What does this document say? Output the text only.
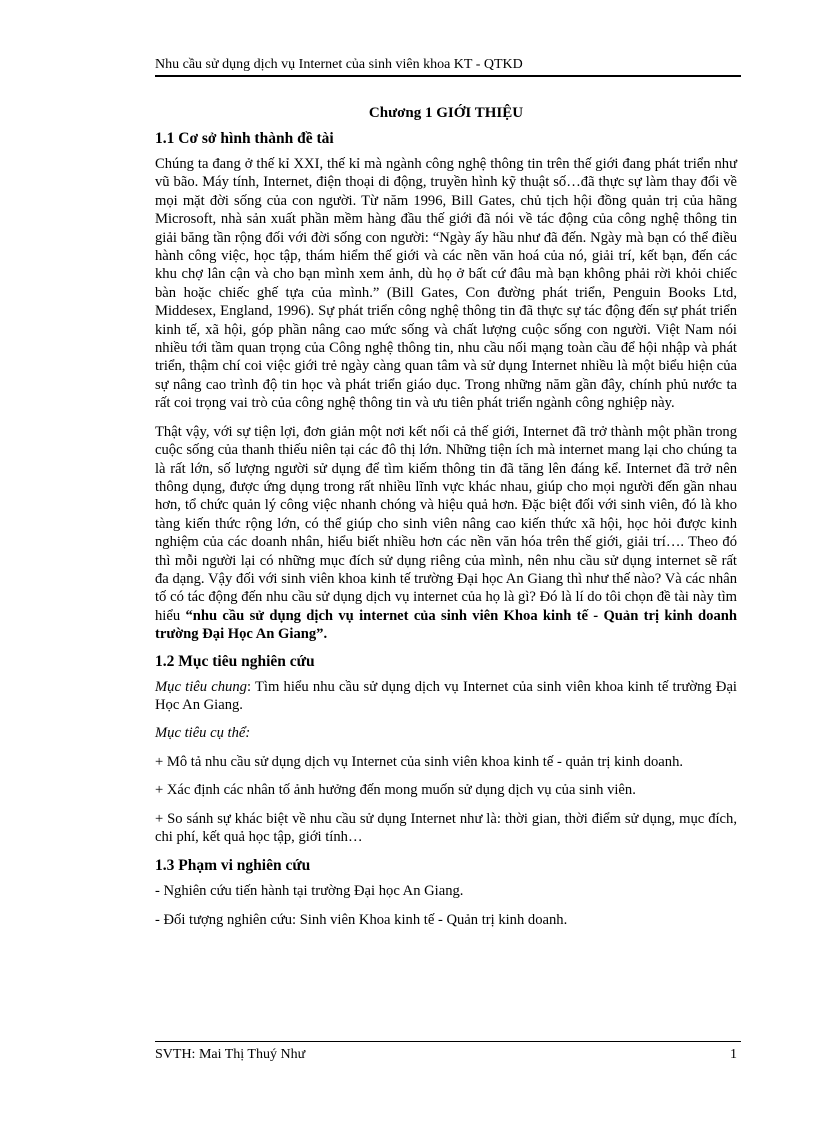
Nhu cầu sử dụng dịch vụ Internet của sinh viên khoa KT - QTKD
Chương 1 GIỚI THIỆU
1.1 Cơ sở hình thành đề tài

Chúng ta đang ở thế kỉ XXI, thế kỉ mà ngành công nghệ thông tin trên thế giới đang phát triển như vũ bão. Máy tính, Internet, điện thoại di động, truyền hình kỹ thuật số…đã thực sự làm thay đổi về mọi mặt đời sống của con người. Từ năm 1996, Bill Gates, chủ tịch hội đồng quản trị của hãng Microsoft, nhà sản xuất phần mềm hàng đầu thế giới đã nói về tác động của công nghệ thông tin giải băng tần rộng đối với đời sống con người: “Ngày ấy hầu như đã đến. Ngày mà bạn có thể điều hành công việc, học tập, thám hiểm thế giới và các nền văn hoá của nó, giải trí, kết bạn, đến các khu chợ lân cận và cho bạn mình xem ảnh, dù họ ở bất cứ đâu mà bạn không phải rời khỏi chiếc bàn hoặc chiếc ghế tựa của mình.” (Bill Gates, Con đường phát triển, Penguin Books Ltd, Middesex, England, 1996). Sự phát triển công nghệ thông tin đã thực sự tác động đến sự phát triển kinh tế, xã hội, góp phần nâng cao mức sống và chất lượng cuộc sống con người. Việt Nam nói nhiều tới tầm quan trọng của Công nghệ thông tin, nhu cầu nối mạng toàn cầu để hội nhập và phát triển, thậm chí coi việc giới trẻ ngày càng quan tâm và sử dụng Internet nhiều là một biểu hiện của sự nâng cao trình độ tin học và phát triển giáo dục. Trong những năm gần đây, chính phủ nước ta rất coi trọng vai trò của công nghệ thông tin và ưu tiên phát triển ngành công nghiệp này.

Thật vậy, với sự tiện lợi, đơn giản một nơi kết nối cả thế giới, Internet đã trở thành một phần trong cuộc sống của thanh thiếu niên tại các đô thị lớn. Những tiện ích mà internet mang lại cho chúng ta là rất lớn, số lượng người sử dụng để tìm kiếm thông tin đã tăng lên đáng kể. Internet đã trở nên thông dụng, được ứng dụng trong rất nhiều lĩnh vực khác nhau, giúp cho mọi người đến gần nhau hơn, tổ chức quản lý công việc nhanh chóng và hiệu quả hơn. Đặc biệt đối với sinh viên, đó là kho tàng kiến thức rộng lớn, có thể giúp cho sinh viên nâng cao kiến thức xã hội, học hỏi được kinh nghiệm của các doanh nhân, hiểu biết nhiều hơn các nền văn hóa trên thế giới, giải trí…. Theo đó thì mỗi người lại có những mục đích sử dụng riêng của mình, nên nhu cầu sử dụng internet sẽ rất đa dạng. Vậy đối với sinh viên khoa kinh tế trường Đại học An Giang thì như thế nào? Và các nhân tố có tác động đến nhu cầu sử dụng dịch vụ internet của họ là gì? Đó là lí do tôi chọn đề tài này tìm hiểu “nhu cầu sử dụng dịch vụ internet của sinh viên Khoa kinh tế - Quản trị kinh doanh trường Đại Học An Giang”.

1.2 Mục tiêu nghiên cứu

Mục tiêu chung: Tìm hiểu nhu cầu sử dụng dịch vụ Internet của sinh viên khoa kinh tế trường Đại Học An Giang.

Mục tiêu cụ thể:

+ Mô tả nhu cầu sử dụng dịch vụ Internet của sinh viên khoa kinh tế - quản trị kinh doanh.

+ Xác định các nhân tố ảnh hưởng đến mong muốn sử dụng dịch vụ của sinh viên.

+ So sánh sự khác biệt về nhu cầu sử dụng Internet như là: thời gian, thời điểm sử dụng, mục đích, chi phí, kết quả học tập, giới tính…

1.3 Phạm vi nghiên cứu

- Nghiên cứu tiến hành tại trường Đại học An Giang.

- Đối tượng nghiên cứu: Sinh viên Khoa kinh tế - Quản trị kinh doanh.

SVTH: Mai Thị Thuý Như	1
